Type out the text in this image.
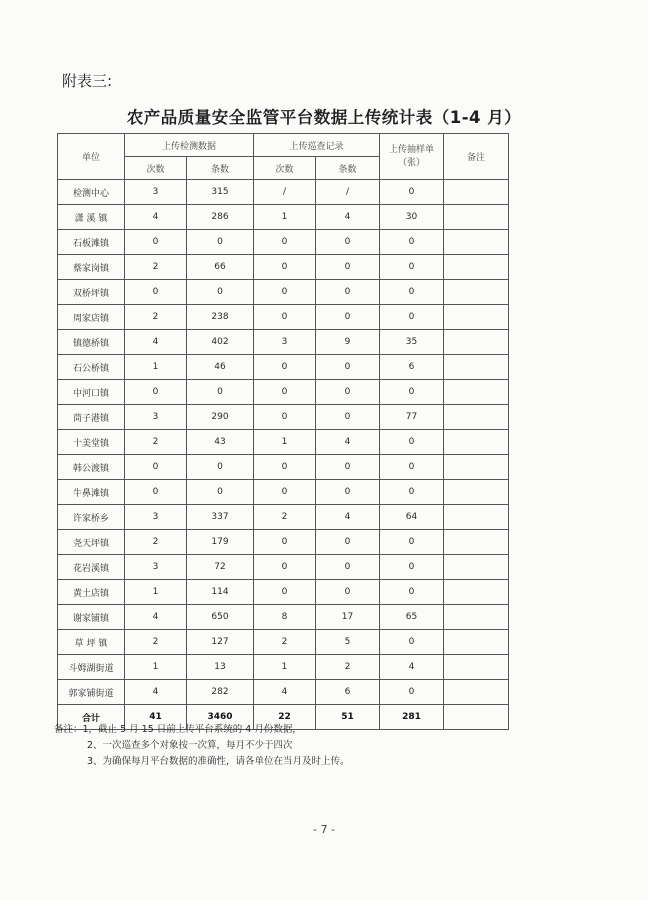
附表三:
农产品质量安全监管平台数据上传统计表（1-4 月）
单位	上传检测数据		上传巡查记录		上传抽样单（张）	备注
	次数	条数	次数	条数		
检测中心	3	315	/	/	0	
潇 溪 镇	4	286	1	4	30	
石板滩镇	0	0	0	0	0	
蔡家岗镇	2	66	0	0	0	
双桥坪镇	0	0	0	0	0	
周家店镇	2	238	0	0	0	
镇德桥镇	4	402	3	9	35	
石公桥镇	1	46	0	0	6	
中河口镇	0	0	0	0	0	
茼子港镇	3	290	0	0	77	
十美堂镇	2	43	1	4	0	
韩公渡镇	0	0	0	0	0	
牛鼻滩镇	0	0	0	0	0	
许家桥乡	3	337	2	4	64	
尧天坪镇	2	179	0	0	0	
花岩溪镇	3	72	0	0	0	
黄土店镇	1	114	0	0	0	
谢家铺镇	4	650	8	17	65	
草 坪 镇	2	127	2	5	0	
斗姆湖街道	1	13	1	2	4	
郭家铺街道	4	282	4	6	0	
合计	41	3460	22	51	281	
备注：1，截止 5 月 15 日前上传平台系统的 4 月份数据，
2、一次巡查多个对象按一次算，每月不少于四次
3、为确保每月平台数据的准确性，请各单位在当月及时上传。
- 7 -
